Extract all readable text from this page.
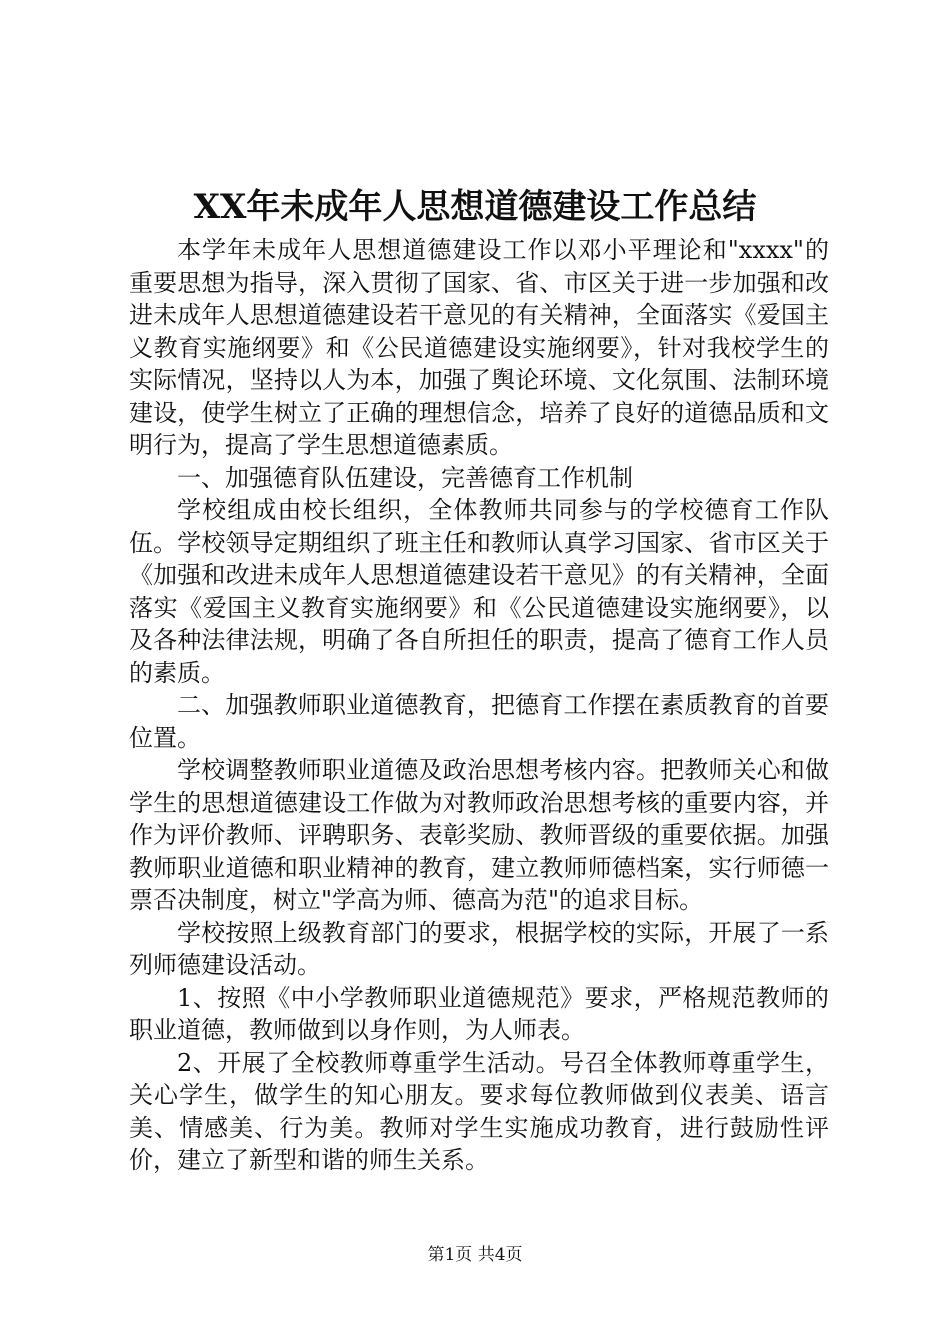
XX年未成年人思想道德建设工作总结

本学年未成年人思想道德建设工作以邓小平理论和"xxxx"的重要思想为指导，深入贯彻了国家、省、市区关于进一步加强和改进未成年人思想道德建设若干意见的有关精神，全面落实《爱国主义教育实施纲要》和《公民道德建设实施纲要》，针对我校学生的实际情况，坚持以人为本，加强了舆论环境、文化氛围、法制环境建设，使学生树立了正确的理想信念，培养了良好的道德品质和文明行为，提高了学生思想道德素质。

一、加强德育队伍建设，完善德育工作机制

学校组成由校长组织，全体教师共同参与的学校德育工作队伍。学校领导定期组织了班主任和教师认真学习国家、省市区关于《加强和改进未成年人思想道德建设若干意见》的有关精神，全面落实《爱国主义教育实施纲要》和《公民道德建设实施纲要》，以及各种法律法规，明确了各自所担任的职责，提高了德育工作人员的素质。

二、加强教师职业道德教育，把德育工作摆在素质教育的首要位置。

学校调整教师职业道德及政治思想考核内容。把教师关心和做学生的思想道德建设工作做为对教师政治思想考核的重要内容，并作为评价教师、评聘职务、表彰奖励、教师晋级的重要依据。加强教师职业道德和职业精神的教育，建立教师师德档案，实行师德一票否决制度，树立"学高为师、德高为范"的追求目标。

学校按照上级教育部门的要求，根据学校的实际，开展了一系列师德建设活动。

1、按照《中小学教师职业道德规范》要求，严格规范教师的职业道德，教师做到以身作则，为人师表。

2、开展了全校教师尊重学生活动。号召全体教师尊重学生，关心学生，做学生的知心朋友。要求每位教师做到仪表美、语言美、情感美、行为美。教师对学生实施成功教育，进行鼓励性评价，建立了新型和谐的师生关系。

第1页 共4页
